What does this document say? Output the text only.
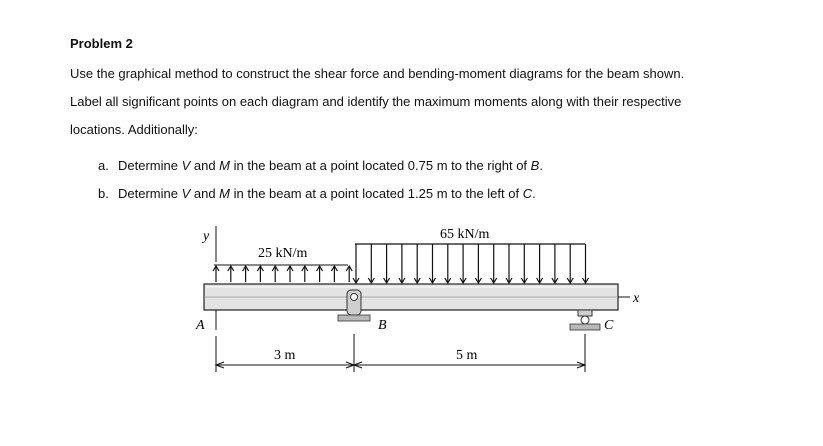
Problem 2
Use the graphical method to construct the shear force and bending-moment diagrams for the beam shown.
Label all significant points on each diagram and identify the maximum moments along with their respective
locations. Additionally:
a. Determine V and M in the beam at a point located 0.75 m to the right of B.
b. Determine V and M in the beam at a point located 1.25 m to the left of C.
y
25 kN/m
65 kN/m
x
A	B	C
3 m	5 m
